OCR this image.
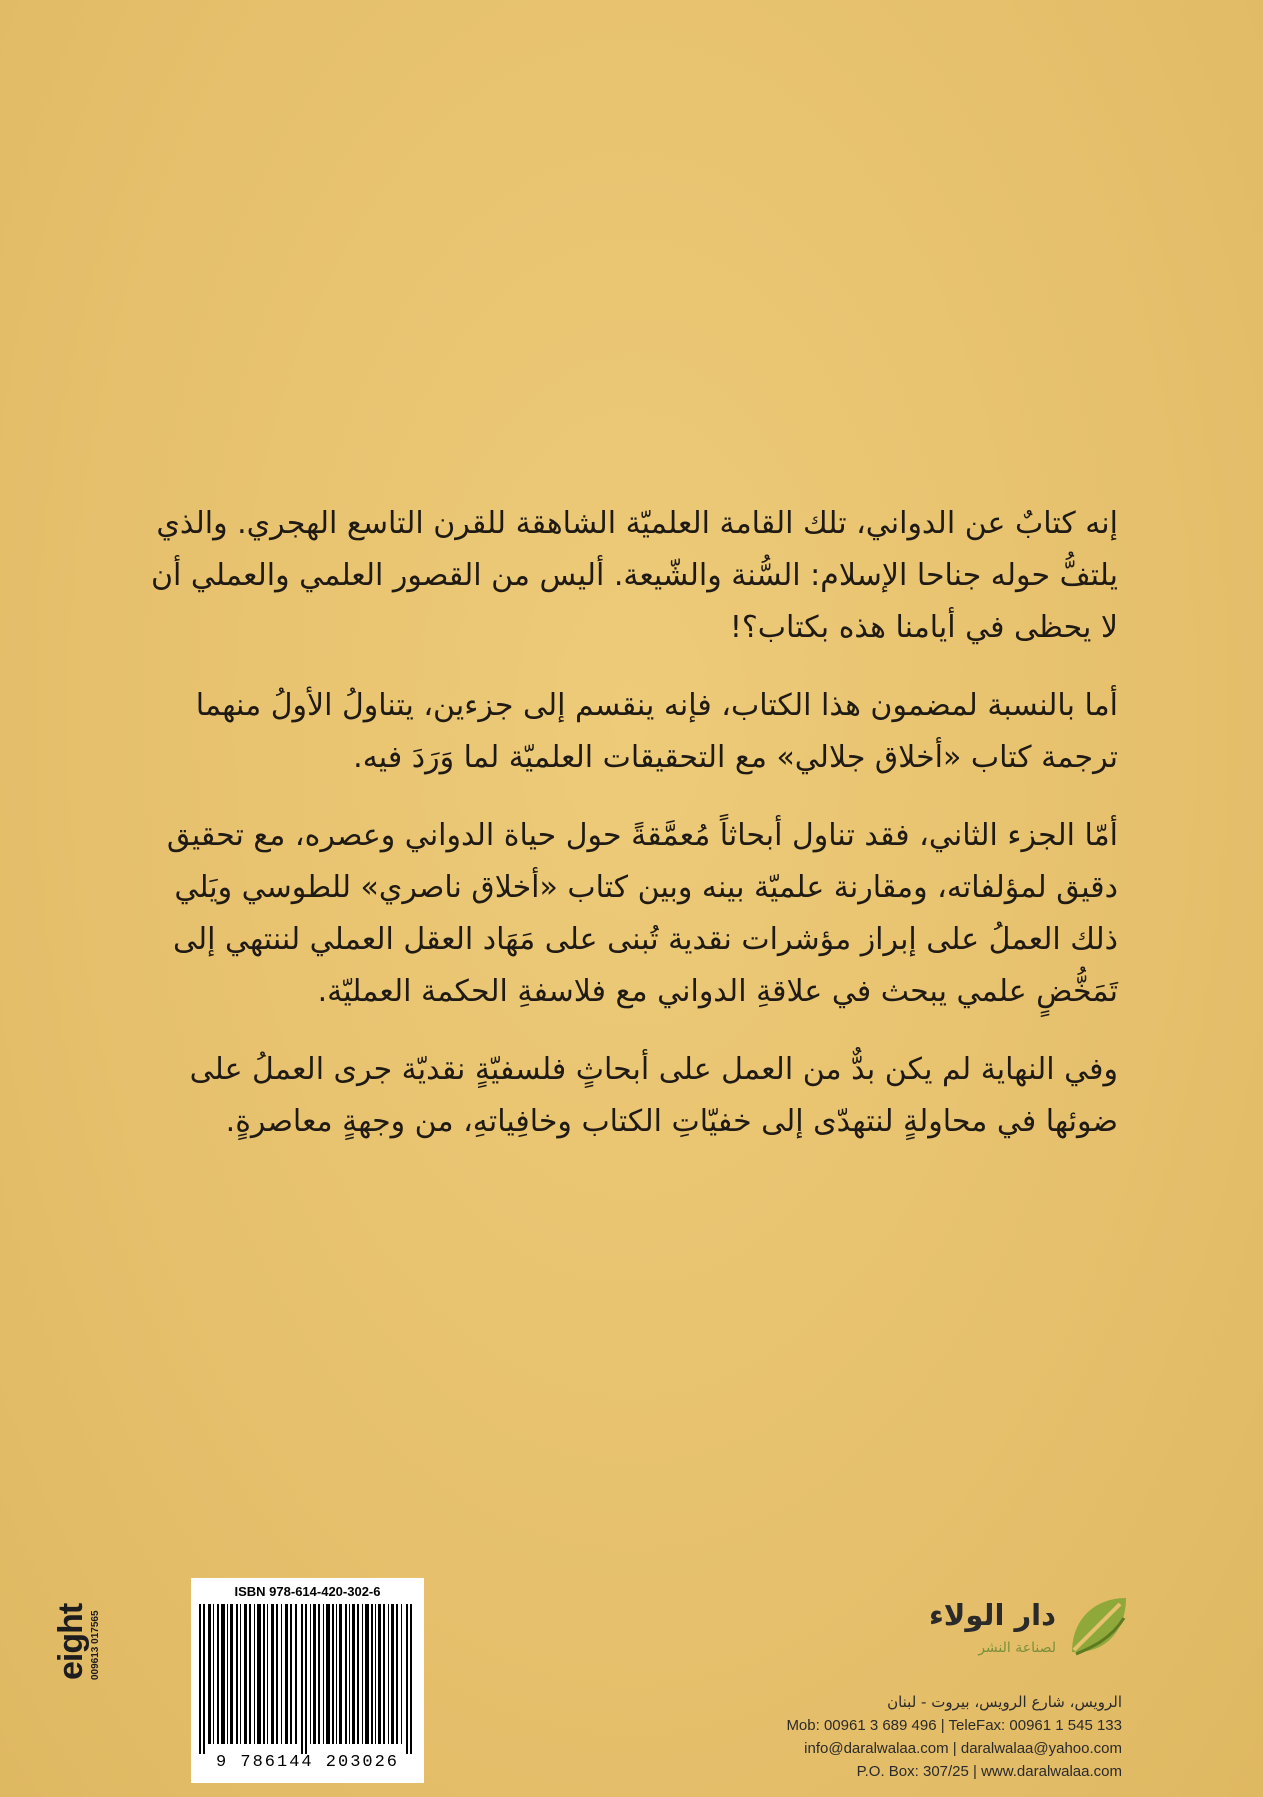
إنه كتابٌ عن الدواني، تلك القامة العلميّة الشاهقة للقرن التاسع الهجري. والذي يلتفُّ حوله جناحا الإسلام: السُّنة والشّيعة. أليس من القصور العلمي والعملي أن لا يحظى في أيامنا هذه بكتاب؟!

أما بالنسبة لمضمون هذا الكتاب، فإنه ينقسم إلى جزءين، يتناولُ الأولُ منهما ترجمة كتاب «أخلاق جلالي» مع التحقيقات العلميّة لما وَرَدَ فيه.

أمّا الجزء الثاني، فقد تناول أبحاثاً مُعمَّقةً حول حياة الدواني وعصره، مع تحقيق دقيق لمؤلفاته، ومقارنة علميّة بينه وبين كتاب «أخلاق ناصري» للطوسي ويَلي ذلك العملُ على إبراز مؤشرات نقدية تُبنى على مَهَاد العقل العملي لننتهي إلى تَمَخُّضٍ علمي يبحث في علاقةِ الدواني مع فلاسفةِ الحكمة العمليّة.

وفي النهاية لم يكن بدٌّ من العمل على أبحاثٍ فلسفيّةٍ نقديّة جرى العملُ على ضوئها في محاولةٍ لنتهدّى إلى خفيّاتِ الكتاب وخافِياتهِ، من وجهةٍ معاصرةٍ.

eight 009613 017565
ISBN 978-614-420-302-6
9 786144 203026
دار الولاء
لصناعة النشر
الرويس، شارع الرويس، بيروت - لبنان
Mob: 00961 3 689 496 | TeleFax: 00961 1 545 133
info@daralwalaa.com | daralwalaa@yahoo.com
P.O. Box: 307/25 | www.daralwalaa.com
